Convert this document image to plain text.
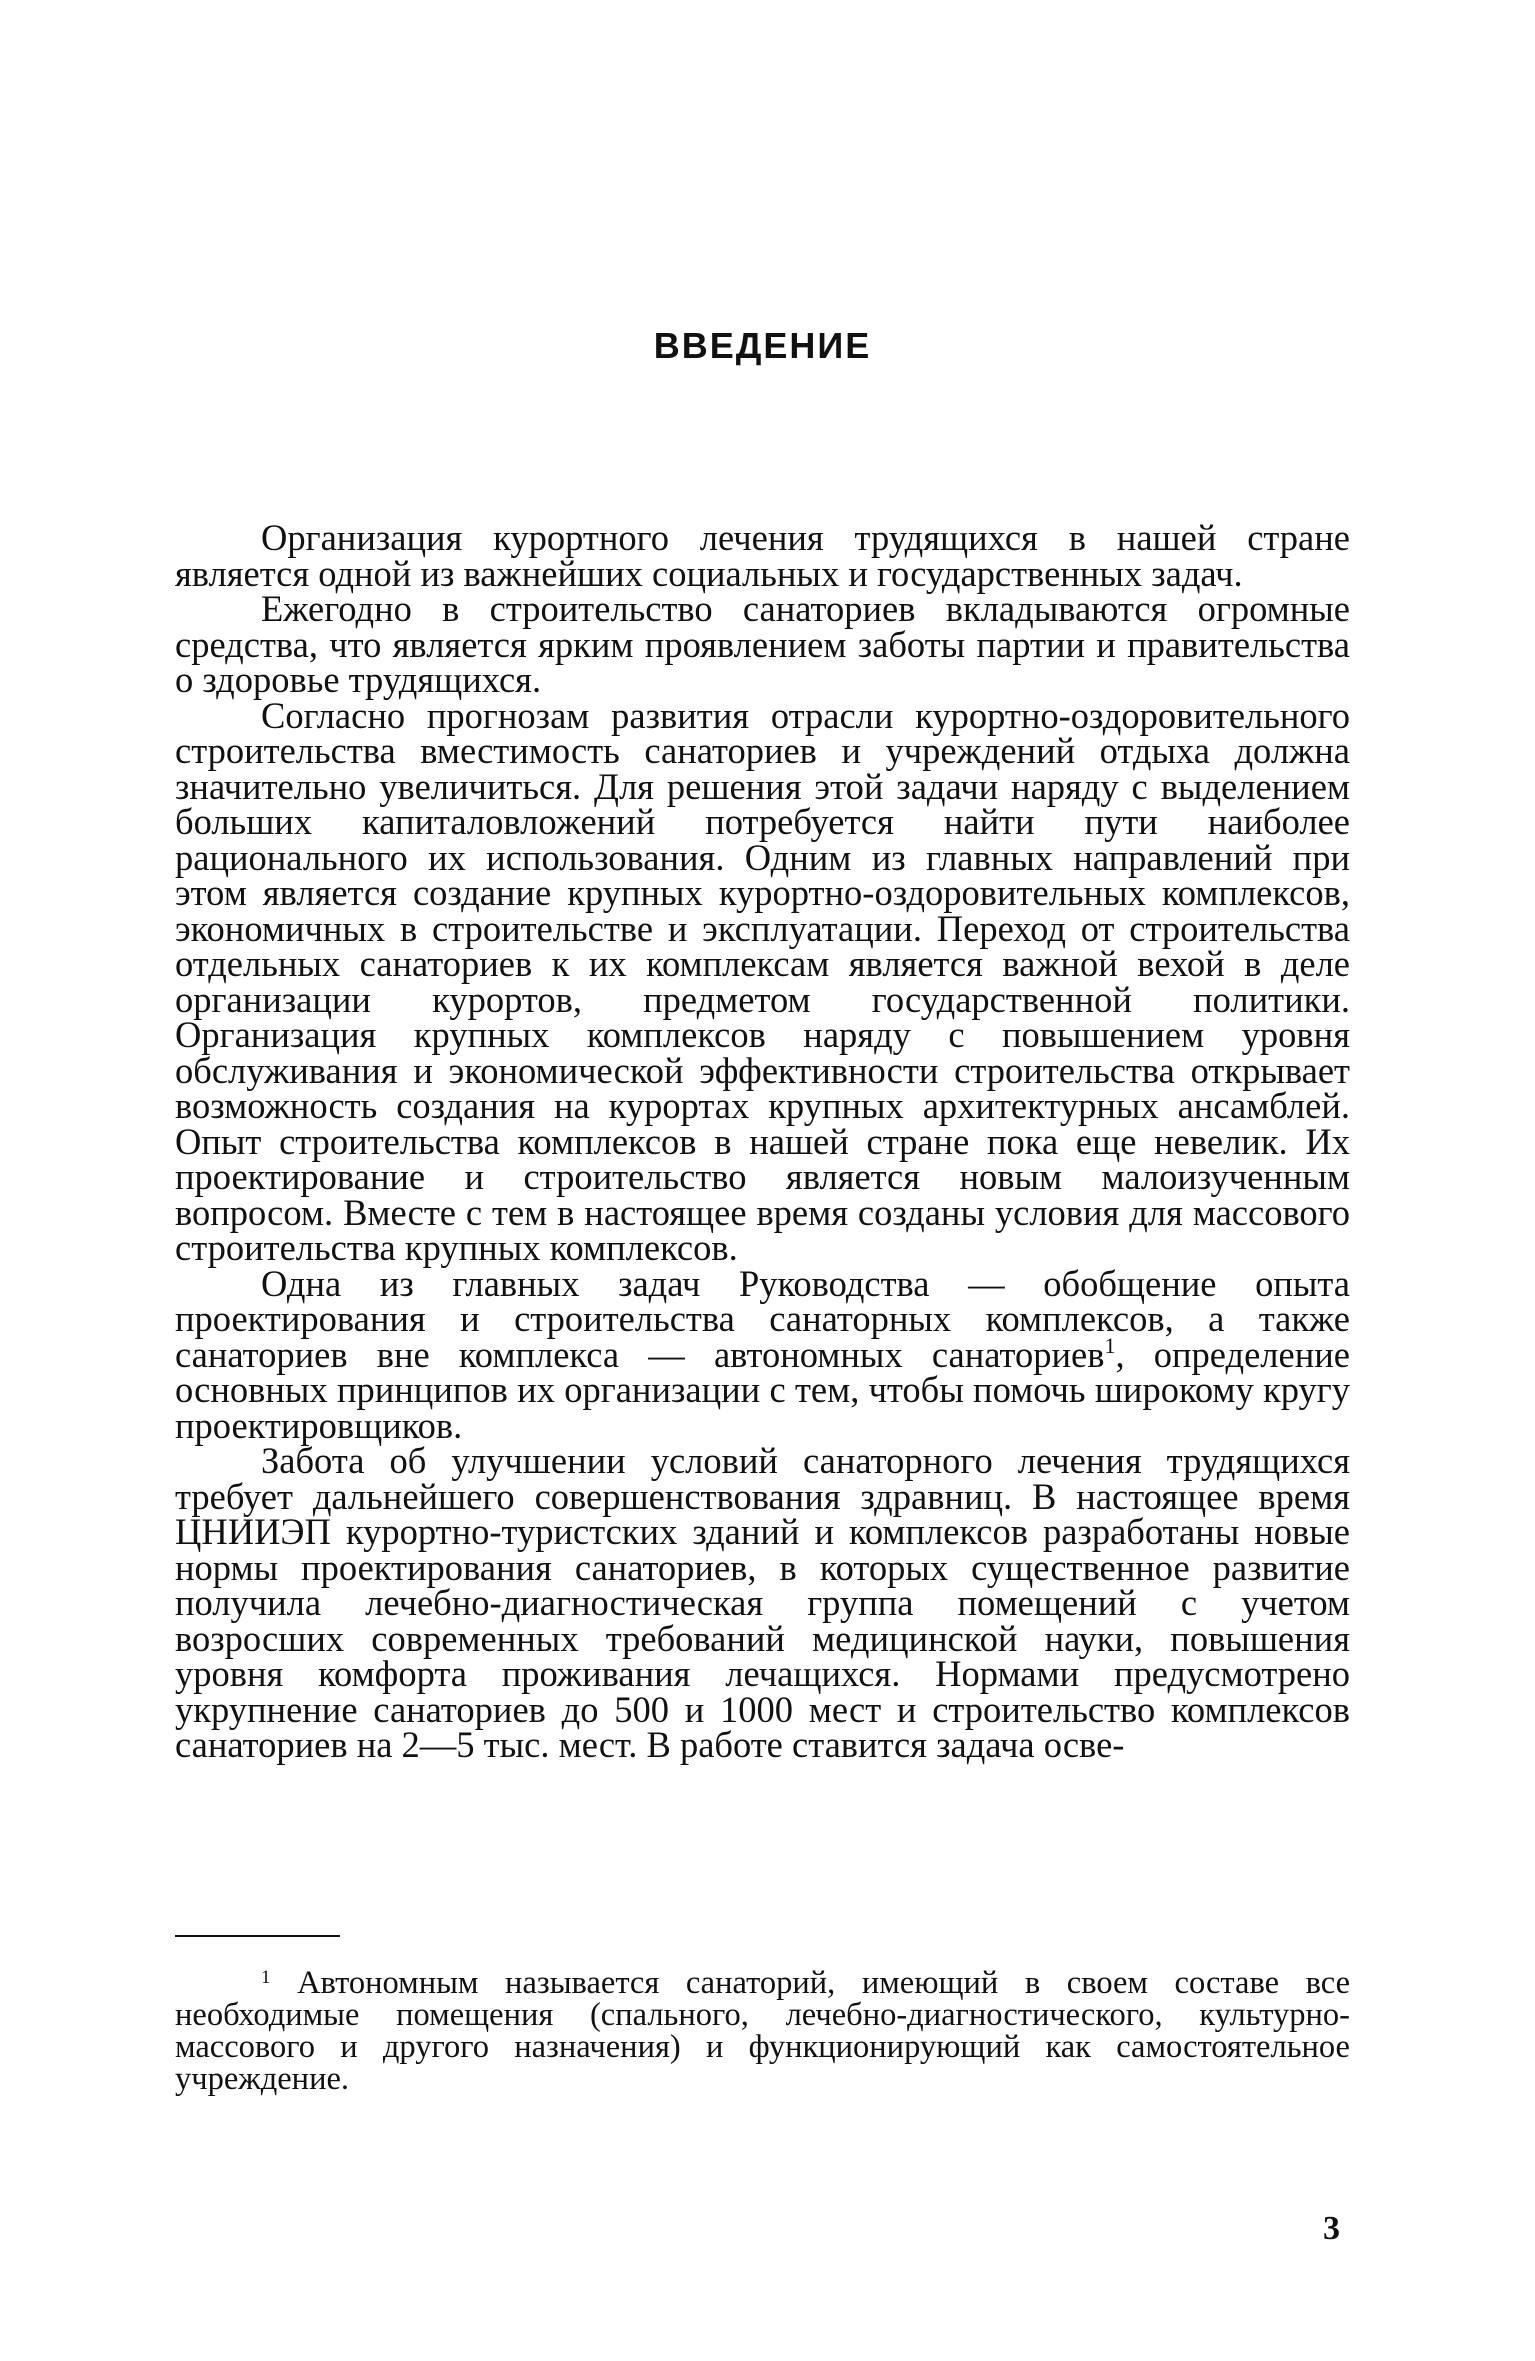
ВВЕДЕНИЕ

Организация курортного лечения трудящихся в нашей стране является одной из важнейших социальных и государственных задач.

Ежегодно в строительство санаториев вкладываются огромные средства, что является ярким проявлением заботы партии и правительства о здоровье трудящихся.

Согласно прогнозам развития отрасли курортно-оздоровительного строительства вместимость санаториев и учреждений отдыха должна значительно увеличиться. Для решения этой задачи наряду с выделением больших капиталовложений потребуется найти пути наиболее рационального их использования. Одним из главных направлений при этом является создание крупных курортно-оздоровительных комплексов, экономичных в строительстве и эксплуатации. Переход от строительства отдельных санаториев к их комплексам является важной вехой в деле организации курортов, предметом государственной политики. Организация крупных комплексов наряду с повышением уровня обслуживания и экономической эффективности строительства открывает возможность создания на курортах крупных архитектурных ансамблей. Опыт строительства комплексов в нашей стране пока еще невелик. Их проектирование и строительство является новым малоизученным вопросом. Вместе с тем в настоящее время созданы условия для массового строительства крупных комплексов.

Одна из главных задач Руководства — обобщение опыта проектирования и строительства санаторных комплексов, а также санаториев вне комплекса — автономных санаториев$^1$, определение основных принципов их организации с тем, чтобы помочь широкому кругу проектировщиков.

Забота об улучшении условий санаторного лечения трудящихся требует дальнейшего совершенствования здравниц. В настоящее время ЦНИИЭП курортно-туристских зданий и комплексов разработаны новые нормы проектирования санаториев, в которых существенное развитие получила лечебно-диагностическая группа помещений с учетом возросших современных требований медицинской науки, повышения уровня комфорта проживания лечащихся. Нормами предусмотрено укрупнение санаториев до 500 и 1000 мест и строительство комплексов санаториев на 2—5 тыс. мест. В работе ставится задача осве-

$^1$ Автономным называется санаторий, имеющий в своем составе все необходимые помещения (спального, лечебно-диагностического, культурно-массового и другого назначения) и функционирующий как самостоятельное учреждение.
3
